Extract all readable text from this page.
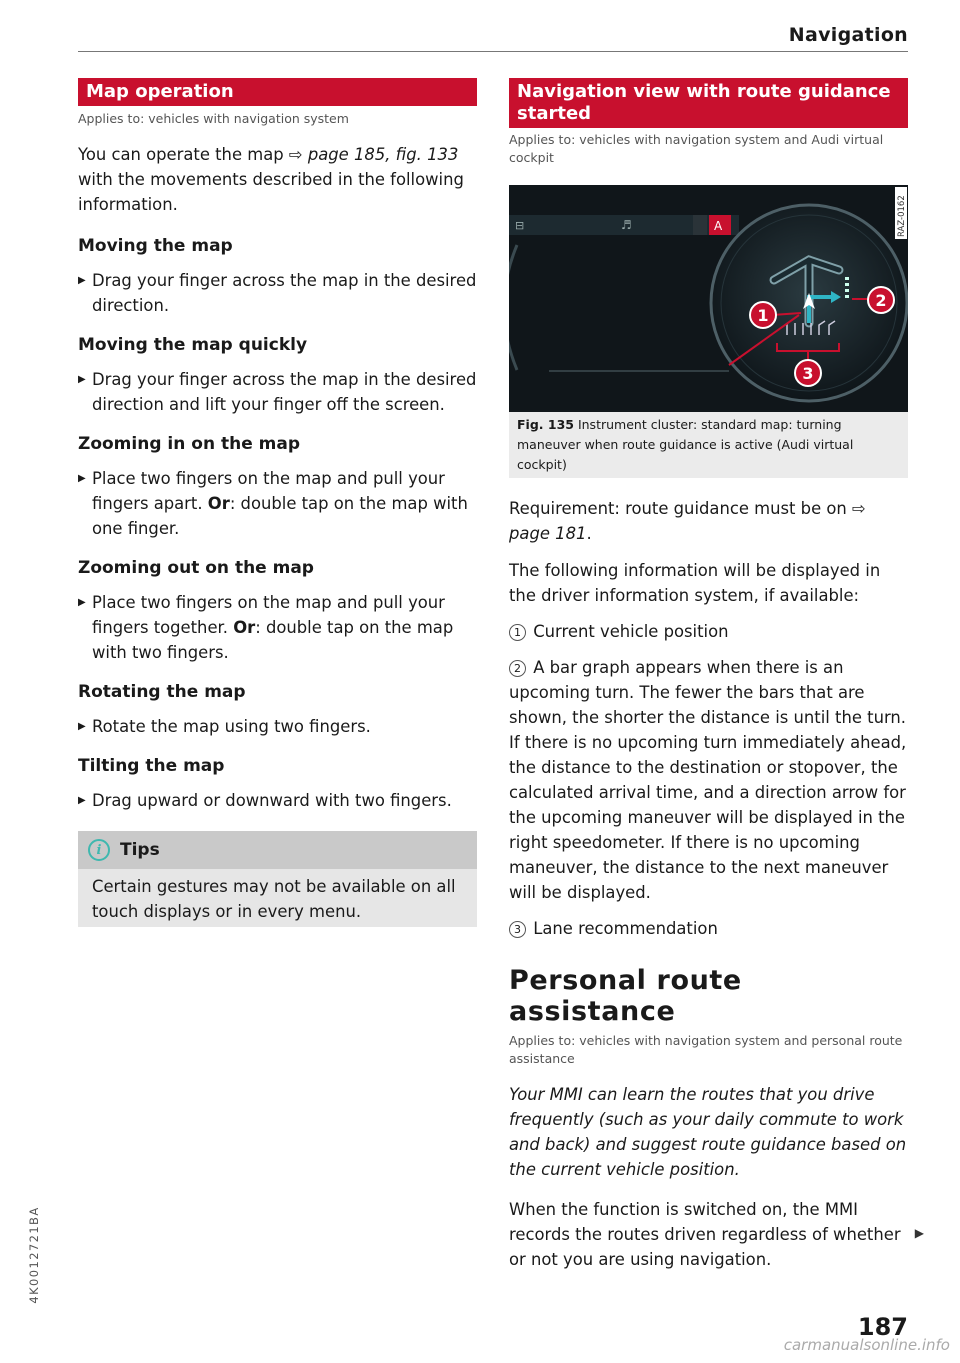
Navigation
Map operation
Applies to: vehicles with navigation system

You can operate the map ⇨ page 185, fig. 133 with the movements described in the following information.

Moving the map
▶ Drag your finger across the map in the desired direction.
Moving the map quickly
▶ Drag your finger across the map in the desired direction and lift your finger off the screen.
Zooming in on the map
▶ Place two fingers on the map and pull your fingers apart. Or: double tap on the map with one finger.
Zooming out on the map
▶ Place two fingers on the map and pull your fingers together. Or: double tap on the map with two fingers.
Rotating the map
▶ Rotate the map using two fingers.
Tilting the map
▶ Drag upward or downward with two fingers.
i	Tips
Certain gestures may not be available on all touch displays or in every menu.
Navigation view with route guidance started
Applies to: vehicles with navigation system and Audi virtual cockpit
⊟	♬	A
1
2
3
RAZ-0162
Fig. 135 Instrument cluster: standard map: turning maneuver when route guidance is active (Audi virtual cockpit)

Requirement: route guidance must be on ⇨ page 181.

The following information will be displayed in the driver information system, if available:

1 Current vehicle position

2 A bar graph appears when there is an upcoming turn. The fewer the bars that are shown, the shorter the distance is until the turn. If there is no upcoming turn immediately ahead, the distance to the destination or stopover, the calculated arrival time, and a direction arrow for the upcoming maneuver will be displayed in the right speedometer. If there is no upcoming maneuver, the distance to the next maneuver will be displayed.

3 Lane recommendation

Personal route assistance
Applies to: vehicles with navigation system and personal route assistance

Your MMI can learn the routes that you drive frequently (such as your daily commute to work and back) and suggest route guidance based on the current vehicle position.

When the function is switched on, the MMI records the routes driven regardless of whether or not you are using navigation.

▶
4K0012721BA
187
carmanualsonline.info
